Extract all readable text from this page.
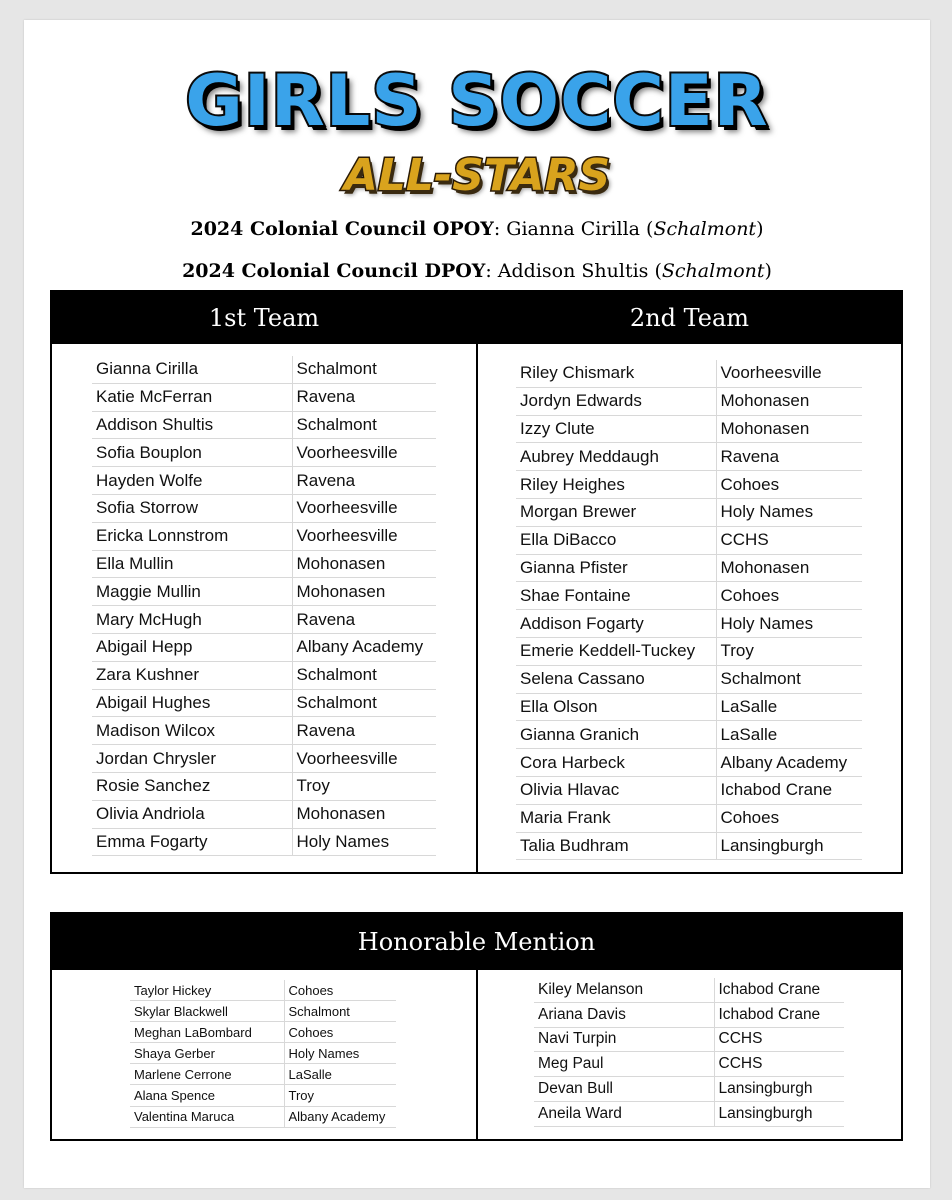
GIRLS SOCCER
ALL-STARS
2024 Colonial Council OPOY: Gianna Cirilla (Schalmont)
2024 Colonial Council DPOY: Addison Shultis (Schalmont)
1st Team	2nd Team
Gianna Cirilla	Schalmont
Katie McFerran	Ravena
Addison Shultis	Schalmont
Sofia Bouplon	Voorheesville
Hayden Wolfe	Ravena
Sofia Storrow	Voorheesville
Ericka Lonnstrom	Voorheesville
Ella Mullin	Mohonasen
Maggie Mullin	Mohonasen
Mary McHugh	Ravena
Abigail Hepp	Albany Academy
Zara Kushner	Schalmont
Abigail Hughes	Schalmont
Madison Wilcox	Ravena
Jordan Chrysler	Voorheesville
Rosie Sanchez	Troy
Olivia Andriola	Mohonasen
Emma Fogarty	Holy Names
Riley Chismark	Voorheesville
Jordyn Edwards	Mohonasen
Izzy Clute	Mohonasen
Aubrey Meddaugh	Ravena
Riley Heighes	Cohoes
Morgan Brewer	Holy Names
Ella DiBacco	CCHS
Gianna Pfister	Mohonasen
Shae Fontaine	Cohoes
Addison Fogarty	Holy Names
Emerie Keddell-Tuckey	Troy
Selena Cassano	Schalmont
Ella Olson	LaSalle
Gianna Granich	LaSalle
Cora Harbeck	Albany Academy
Olivia Hlavac	Ichabod Crane
Maria Frank	Cohoes
Talia Budhram	Lansingburgh
Honorable Mention
Taylor Hickey	Cohoes
Skylar Blackwell	Schalmont
Meghan LaBombard	Cohoes
Shaya Gerber	Holy Names
Marlene Cerrone	LaSalle
Alana Spence	Troy
Valentina Maruca	Albany Academy
Kiley Melanson	Ichabod Crane
Ariana Davis	Ichabod Crane
Navi Turpin	CCHS
Meg Paul	CCHS
Devan Bull	Lansingburgh
Aneila Ward	Lansingburgh
